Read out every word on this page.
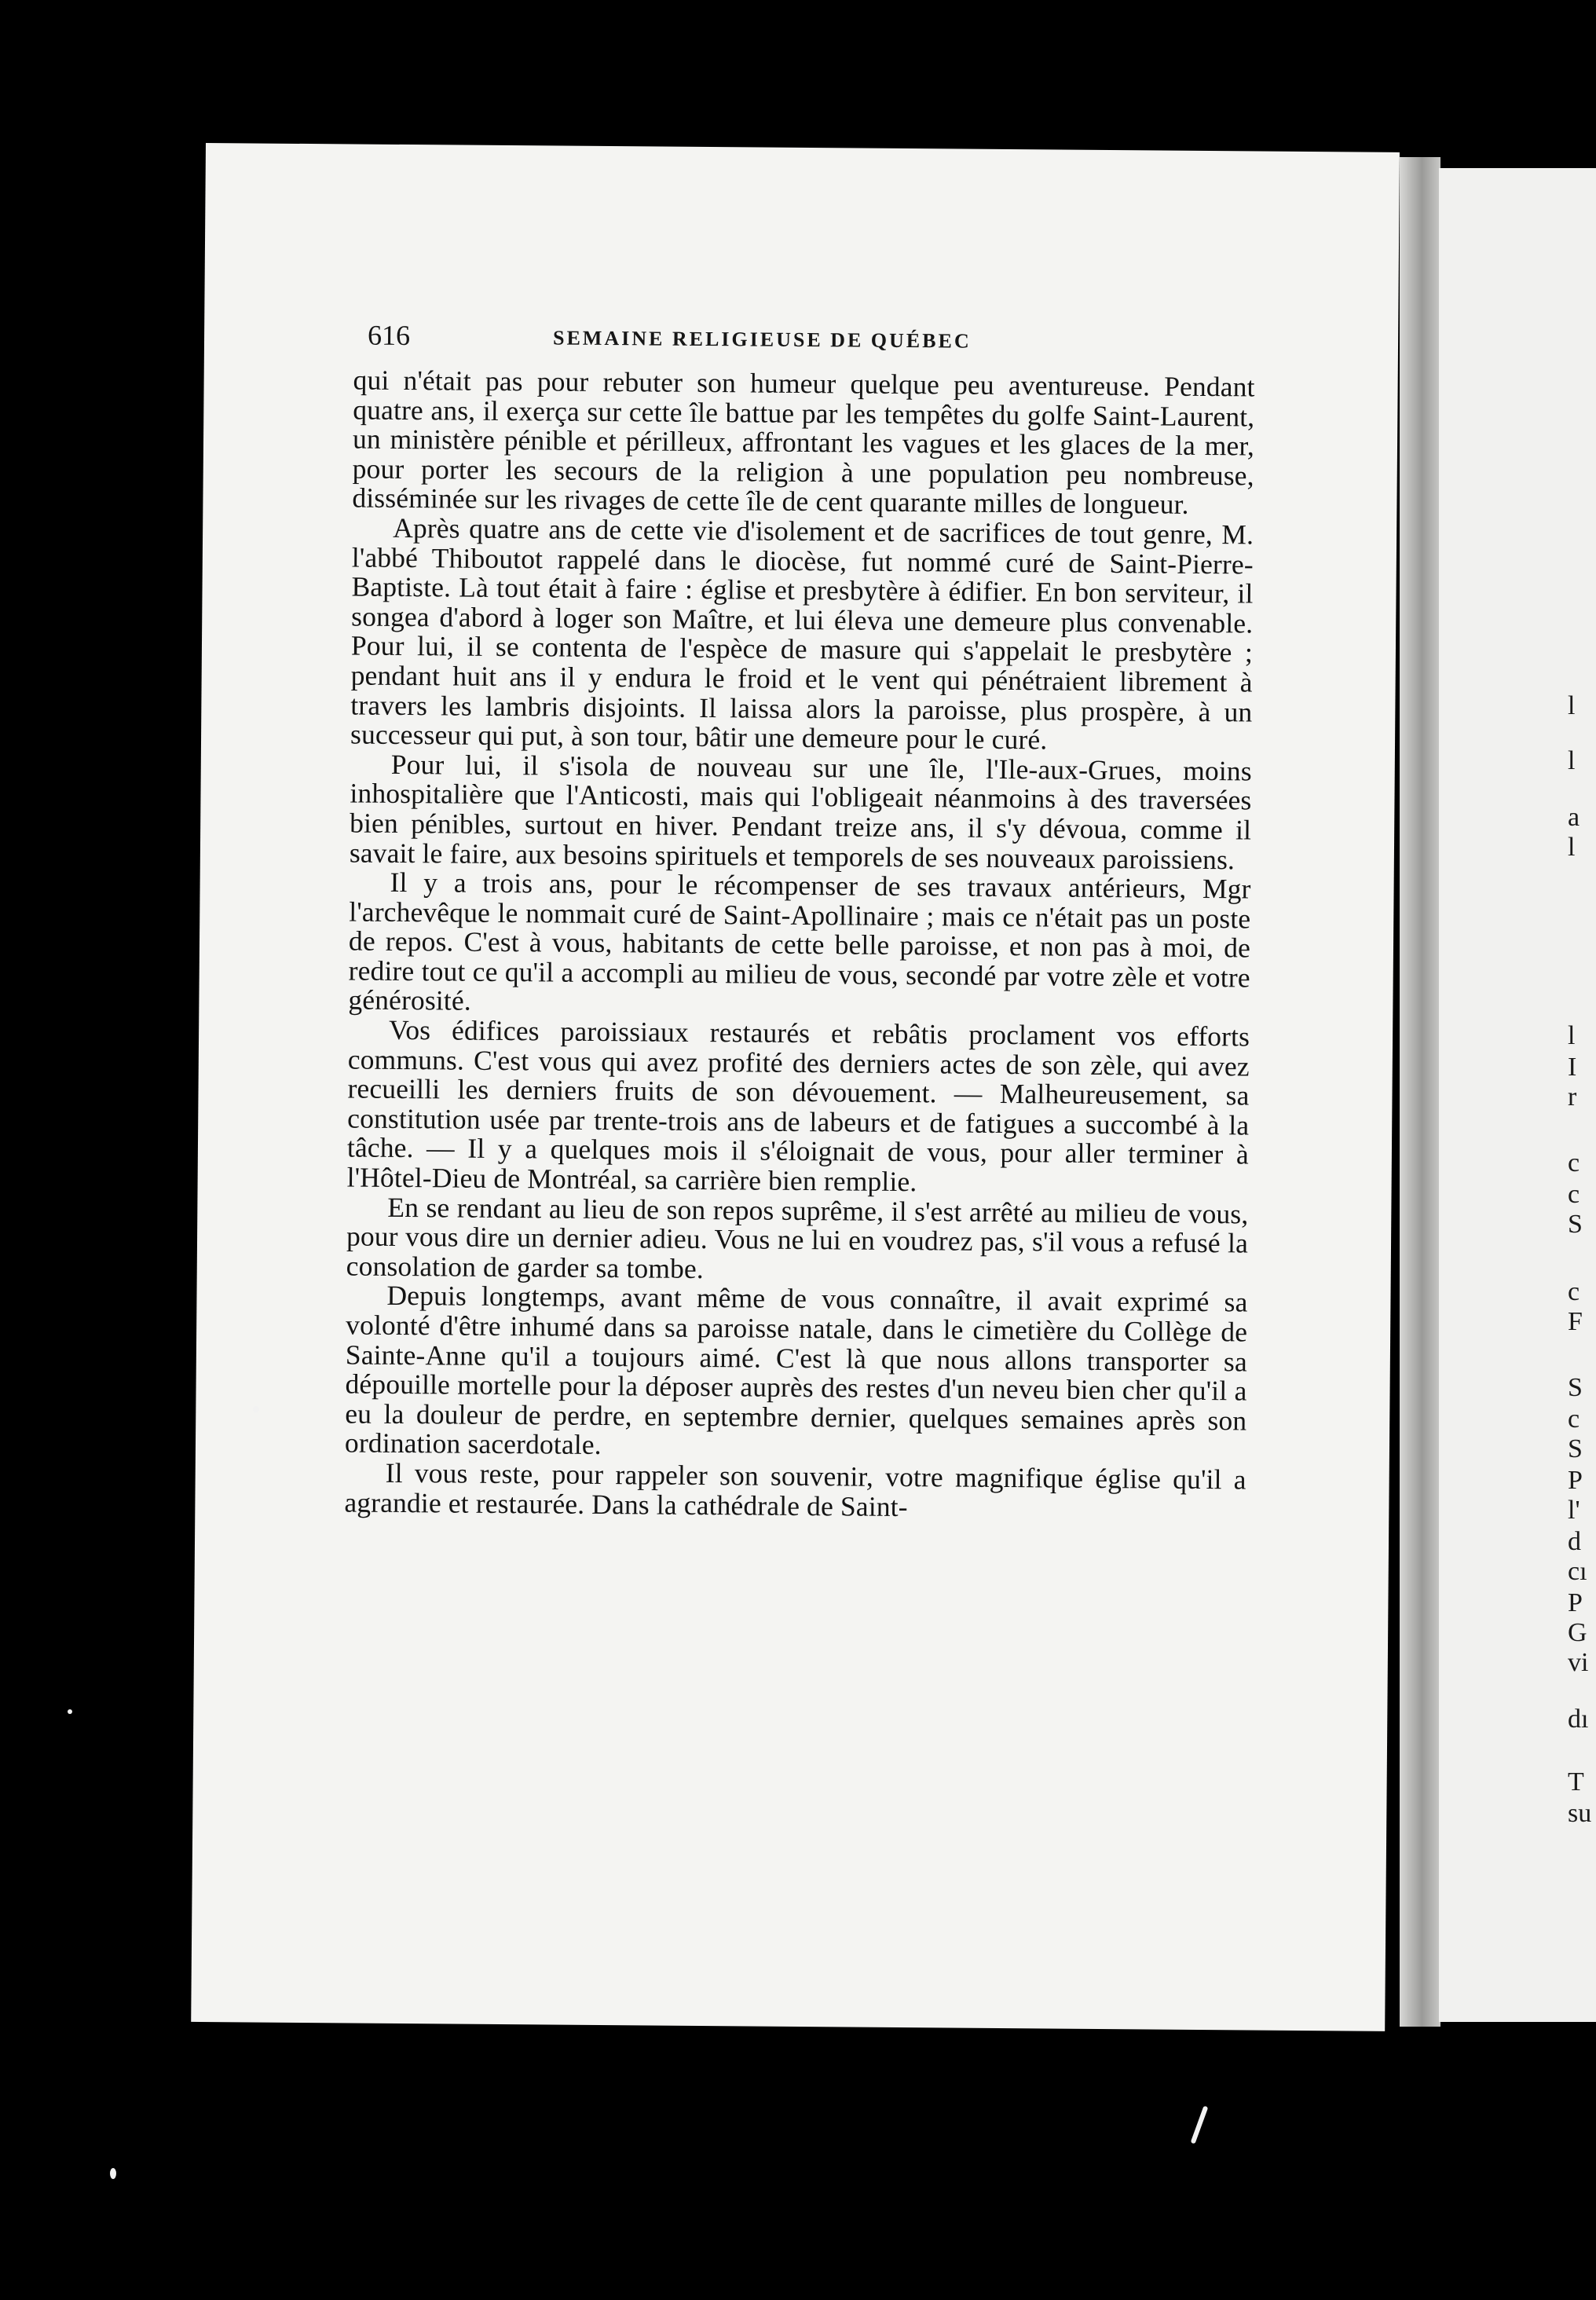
616	SEMAINE RELIGIEUSE DE QUÉBEC

qui n'était pas pour rebuter son humeur quelque peu aventureuse. Pendant quatre ans, il exerça sur cette île battue par les tempêtes du golfe Saint-Laurent, un ministère pénible et périlleux, affrontant les vagues et les glaces de la mer, pour porter les secours de la religion à une population peu nombreuse, disséminée sur les rivages de cette île de cent quarante milles de longueur.

Après quatre ans de cette vie d'isolement et de sacrifices de tout genre, M. l'abbé Thiboutot rappelé dans le diocèse, fut nommé curé de Saint-Pierre-Baptiste. Là tout était à faire : église et presbytère à édifier. En bon serviteur, il songea d'abord à loger son Maître, et lui éleva une demeure plus convenable. Pour lui, il se contenta de l'espèce de masure qui s'appelait le presbytère ; pendant huit ans il y endura le froid et le vent qui pénétraient librement à travers les lambris disjoints. Il laissa alors la paroisse, plus prospère, à un successeur qui put, à son tour, bâtir une demeure pour le curé.

Pour lui, il s'isola de nouveau sur une île, l'Ile-aux-Grues, moins inhospitalière que l'Anticosti, mais qui l'obligeait néanmoins à des traversées bien pénibles, surtout en hiver. Pendant treize ans, il s'y dévoua, comme il savait le faire, aux besoins spirituels et temporels de ses nouveaux paroissiens.

Il y a trois ans, pour le récompenser de ses travaux antérieurs, Mgr l'archevêque le nommait curé de Saint-Apollinaire ; mais ce n'était pas un poste de repos. C'est à vous, habitants de cette belle paroisse, et non pas à moi, de redire tout ce qu'il a accompli au milieu de vous, secondé par votre zèle et votre générosité.

Vos édifices paroissiaux restaurés et rebâtis proclament vos efforts communs. C'est vous qui avez profité des derniers actes de son zèle, qui avez recueilli les derniers fruits de son dévouement. — Malheureusement, sa constitution usée par trente-trois ans de labeurs et de fatigues a succombé à la tâche. — Il y a quelques mois il s'éloignait de vous, pour aller terminer à l'Hôtel-Dieu de Montréal, sa carrière bien remplie.

En se rendant au lieu de son repos suprême, il s'est arrêté au milieu de vous, pour vous dire un dernier adieu. Vous ne lui en voudrez pas, s'il vous a refusé la consolation de garder sa tombe.

Depuis longtemps, avant même de vous connaître, il avait exprimé sa volonté d'être inhumé dans sa paroisse natale, dans le cimetière du Collège de Sainte-Anne qu'il a toujours aimé. C'est là que nous allons transporter sa dépouille mortelle pour la déposer auprès des restes d'un neveu bien cher qu'il a eu la douleur de perdre, en septembre dernier, quelques semaines après son ordination sacerdotale.

Il vous reste, pour rappeler son souvenir, votre magnifique église qu'il a agrandie et restaurée. Dans la cathédrale de Saint-

l
l
a
l
l
I
r
c
c
S
c
F
S
c
S
P
l'
d
cı
P
G
vi
dı
T
su
